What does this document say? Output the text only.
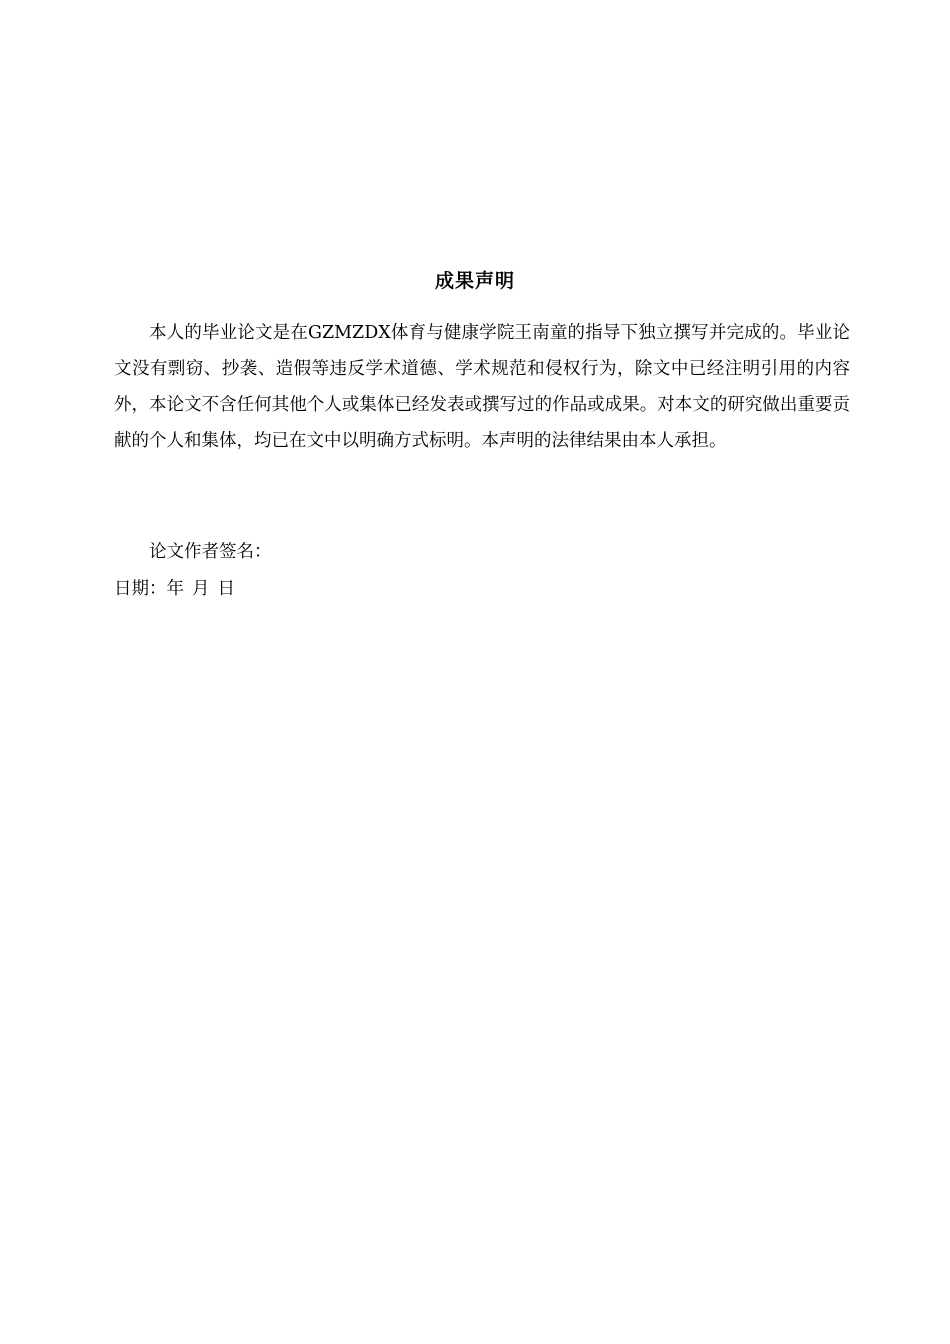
成果声明

本人的毕业论文是在GZMZDX体育与健康学院王南童的指导下独立撰写并完成的。毕业论文没有剽窃、抄袭、造假等违反学术道德、学术规范和侵权行为，除文中已经注明引用的内容外，本论文不含任何其他个人或集体已经发表或撰写过的作品或成果。对本文的研究做出重要贡献的个人和集体，均已在文中以明确方式标明。本声明的法律结果由本人承担。

论文作者签名：
日期：年 月 日
